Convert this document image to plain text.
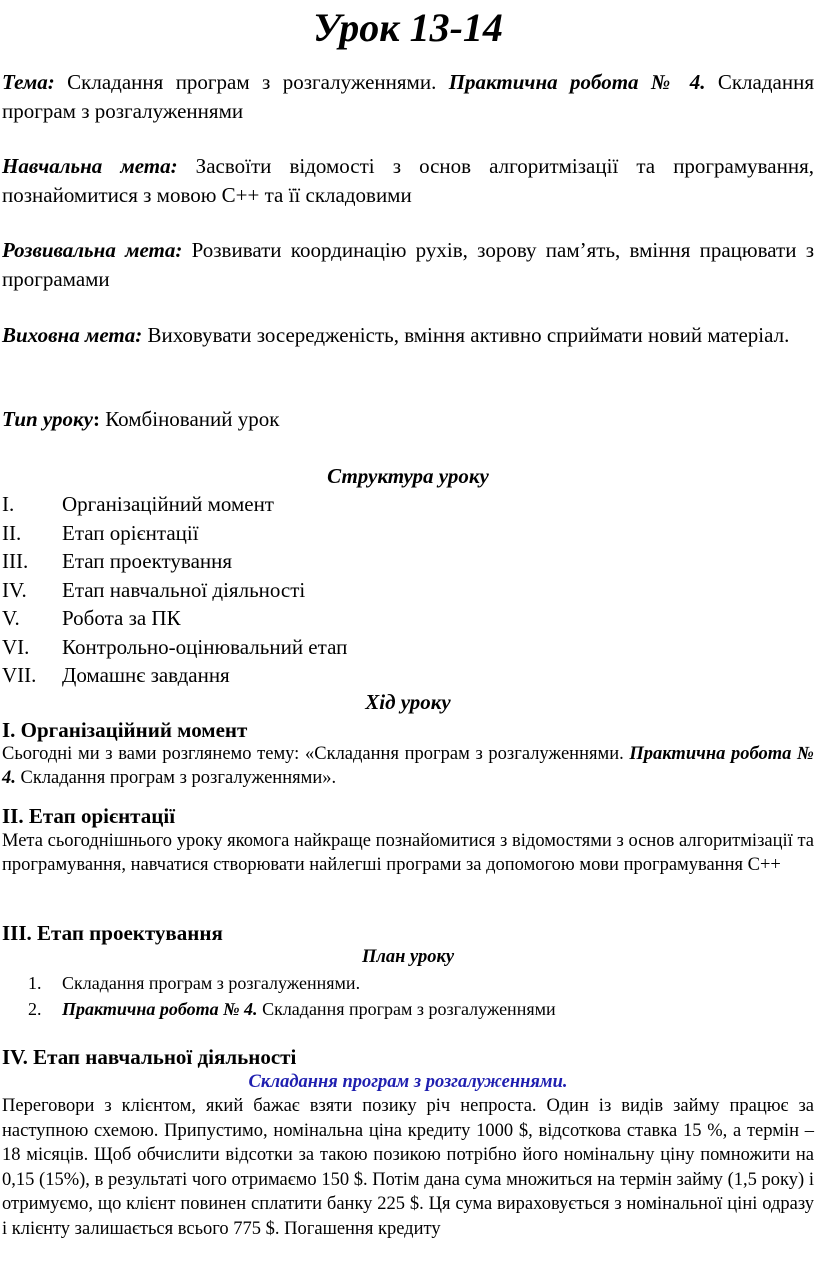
Урок 13-14

Тема: Складання програм з розгалуженнями. Практична робота № 4. Складання програм з розгалуженнями

Навчальна мета: Засвоїти відомості з основ алгоритмізації та програмування, познайомитися з мовою С++ та її складовими

Розвивальна мета: Розвивати координацію рухів, зорову пам’ять, вміння працювати з програмами

Виховна мета: Виховувати зосередженість, вміння активно сприймати новий матеріал.

Тип уроку: Комбінований урок

Структура уроку

I.	Організаційний момент
II.	Етап орієнтації
III.	Етап проектування
IV.	Етап навчальної діяльності
V.	Робота за ПК
VI.	Контрольно-оцінювальний етап
VII.	Домашнє завдання

Хід уроку

I. Організаційний момент

Сьогодні ми з вами розглянемо тему: «Складання програм з розгалуженнями. Практична робота № 4. Складання програм з розгалуженнями».

II. Етап орієнтації

Мета сьогоднішнього уроку якомога найкраще познайомитися з відомостями з основ алгоритмізації та програмування, навчатися створювати найлегші програми за допомогою мови програмування С++

III. Етап проектування

План уроку

1.	Складання програм з розгалуженнями.
2.	Практична робота № 4. Складання програм з розгалуженнями
IV. Етап навчальної діяльності

Складання програм з розгалуженнями.

Переговори з клієнтом, який бажає взяти позику річ непроста. Один із видів займу працює за наступною схемою. Припустимо, номінальна ціна кредиту 1000 $, відсоткова ставка 15 %, а термін – 18 місяців. Щоб обчислити відсотки за такою позикою потрібно його номінальну ціну помножити на 0,15 (15%), в результаті чого отримаємо 150 $. Потім дана сума множиться на термін займу (1,5 року) і отримуємо, що клієнт повинен сплатити банку 225 $. Ця сума вираховується з номінальної ціні одразу і клієнту залишається всього 775 $. Погашення кредиту
